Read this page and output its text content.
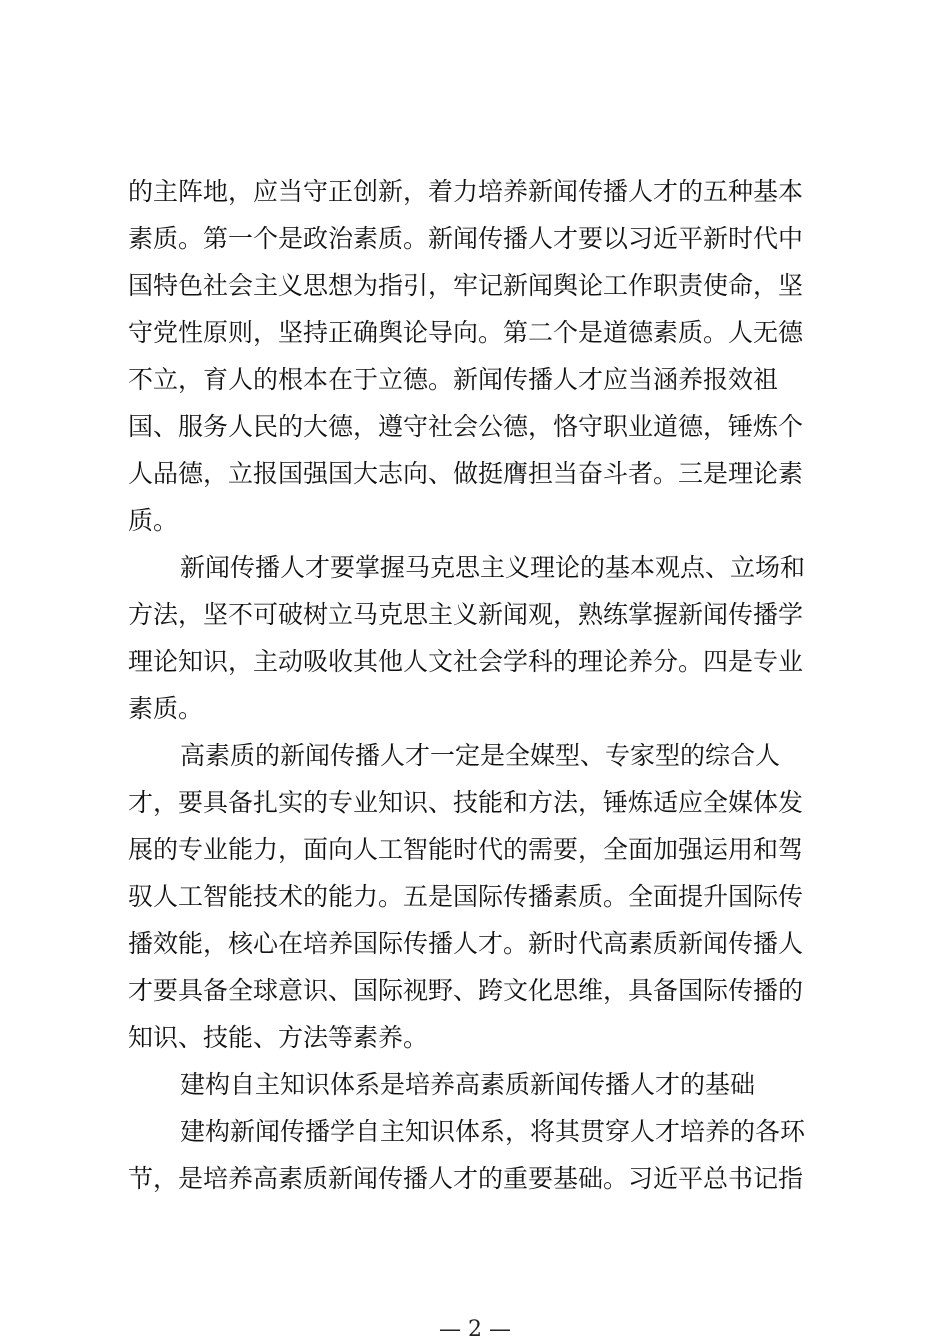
的主阵地，应当守正创新，着力培养新闻传播人才的五种基本
素质。第一个是政治素质。新闻传播人才要以习近平新时代中
国特色社会主义思想为指引，牢记新闻舆论工作职责使命，坚
守党性原则，坚持正确舆论导向。第二个是道德素质。人无德
不立，育人的根本在于立德。新闻传播人才应当涵养报效祖
国、服务人民的大德，遵守社会公德，恪守职业道德，锤炼个
人品德，立报国强国大志向、做挺膺担当奋斗者。三是理论素
质。
新闻传播人才要掌握马克思主义理论的基本观点、立场和
方法，坚不可破树立马克思主义新闻观，熟练掌握新闻传播学
理论知识，主动吸收其他人文社会学科的理论养分。四是专业
素质。
高素质的新闻传播人才一定是全媒型、专家型的综合人
才，要具备扎实的专业知识、技能和方法，锤炼适应全媒体发
展的专业能力，面向人工智能时代的需要，全面加强运用和驾
驭人工智能技术的能力。五是国际传播素质。全面提升国际传
播效能，核心在培养国际传播人才。新时代高素质新闻传播人
才要具备全球意识、国际视野、跨文化思维，具备国际传播的
知识、技能、方法等素养。
建构自主知识体系是培养高素质新闻传播人才的基础
建构新闻传播学自主知识体系，将其贯穿人才培养的各环
节，是培养高素质新闻传播人才的重要基础。习近平总书记指
— 2 —
